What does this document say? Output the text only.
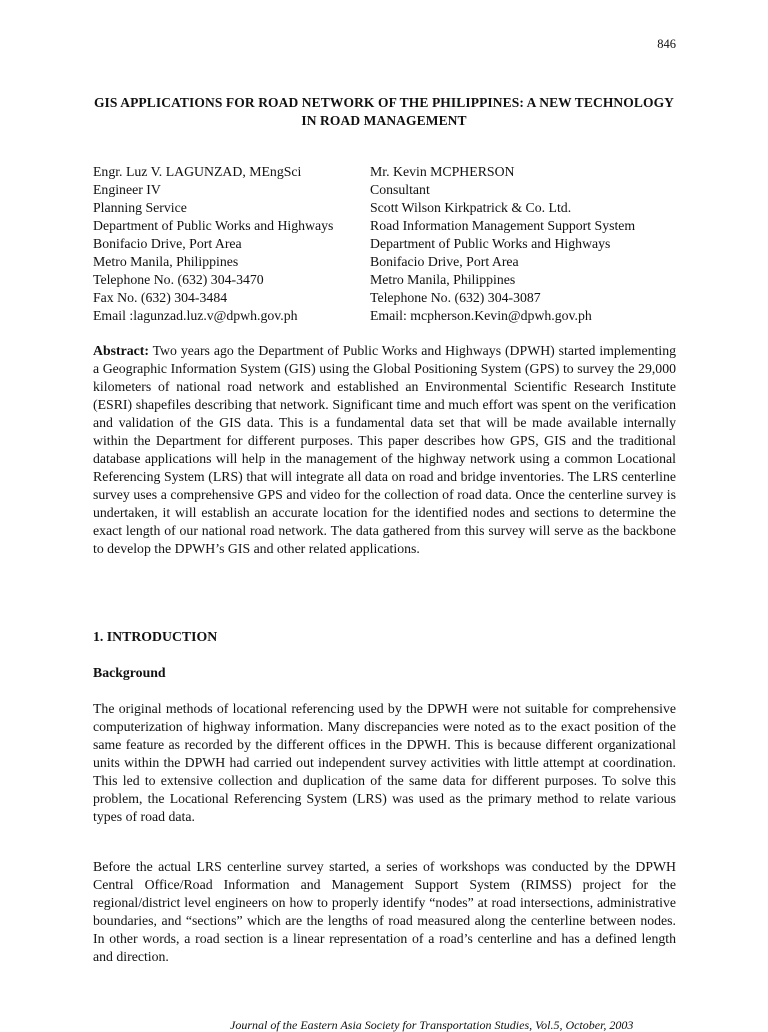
846
GIS APPLICATIONS FOR ROAD NETWORK OF THE PHILIPPINES: A NEW TECHNOLOGY IN ROAD MANAGEMENT
Engr. Luz V. LAGUNZAD, MEngSci
Engineer IV
Planning Service
Department of Public Works and Highways
Bonifacio Drive, Port Area
Metro Manila, Philippines
Telephone No. (632) 304-3470
Fax No. (632) 304-3484
Email :lagunzad.luz.v@dpwh.gov.ph
Mr. Kevin MCPHERSON
Consultant
Scott Wilson Kirkpatrick & Co. Ltd.
Road Information Management Support System
Department of Public Works and Highways
Bonifacio Drive, Port Area
Metro Manila, Philippines
Telephone No. (632) 304-3087
Email: mcpherson.Kevin@dpwh.gov.ph

Abstract: Two years ago the Department of Public Works and Highways (DPWH) started implementing a Geographic Information System (GIS) using the Global Positioning System (GPS) to survey the 29,000 kilometers of national road network and established an Environmental Scientific Research Institute (ESRI) shapefiles describing that network. Significant time and much effort was spent on the verification and validation of the GIS data. This is a fundamental data set that will be made available internally within the Department for different purposes. This paper describes how GPS, GIS and the traditional database applications will help in the management of the highway network using a common Locational Referencing System (LRS) that will integrate all data on road and bridge inventories. The LRS centerline survey uses a comprehensive GPS and video for the collection of road data. Once the centerline survey is undertaken, it will establish an accurate location for the identified nodes and sections to determine the exact length of our national road network. The data gathered from this survey will serve as the backbone to develop the DPWH’s GIS and other related applications.

1. INTRODUCTION
Background

The original methods of locational referencing used by the DPWH were not suitable for comprehensive computerization of highway information. Many discrepancies were noted as to the exact position of the same feature as recorded by the different offices in the DPWH. This is because different organizational units within the DPWH had carried out independent survey activities with little attempt at coordination. This led to extensive collection and duplication of the same data for different purposes. To solve this problem, the Locational Referencing System (LRS) was used as the primary method to relate various types of road data.

Before the actual LRS centerline survey started, a series of workshops was conducted by the DPWH Central Office/Road Information and Management Support System (RIMSS) project for the regional/district level engineers on how to properly identify “nodes” at road intersections, administrative boundaries, and “sections” which are the lengths of road measured along the centerline between nodes. In other words, a road section is a linear representation of a road’s centerline and has a defined length and direction.

Journal of the Eastern Asia Society for Transportation Studies, Vol.5, October, 2003
